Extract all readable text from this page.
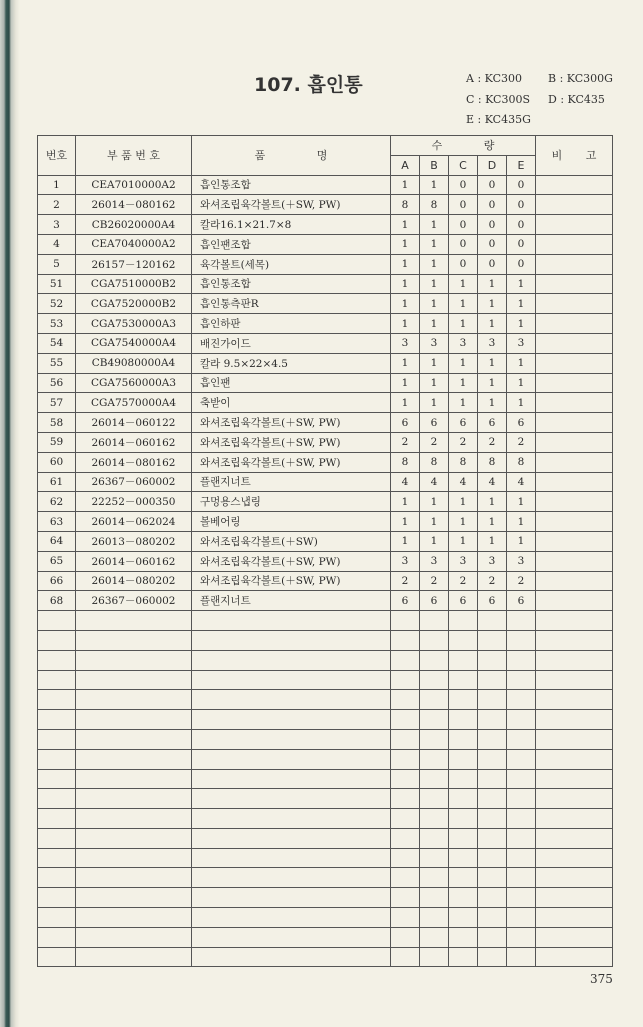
107. 흡인통	A : KC300 B : KC300G
C : KC300S D : KC435
E : KC435G
번호	부 품 번 호	품 명	수 량					비 고
			A	B	C	D	E	
1	CEA7010000A2	흡인통조합	1	1	0	0	0	
2	26014－080162	와셔조립육각볼트(＋SW, PW)	8	8	0	0	0	
3	CB26020000A4	칼라16.1×21.7×8	1	1	0	0	0	
4	CEA7040000A2	흡인팬조합	1	1	0	0	0	
5	26157－120162	육각볼트(세목)	1	1	0	0	0	
51	CGA7510000B2	흡인통조합	1	1	1	1	1	
52	CGA7520000B2	흡인통측판R	1	1	1	1	1	
53	CGA7530000A3	흡인하판	1	1	1	1	1	
54	CGA7540000A4	배진가이드	3	3	3	3	3	
55	CB49080000A4	칼라 9.5×22×4.5	1	1	1	1	1	
56	CGA7560000A3	흡인팬	1	1	1	1	1	
57	CGA7570000A4	축받이	1	1	1	1	1	
58	26014－060122	와셔조립육각볼트(＋SW, PW)	6	6	6	6	6	
59	26014－060162	와셔조립육각볼트(＋SW, PW)	2	2	2	2	2	
60	26014－080162	와셔조립육각볼트(＋SW, PW)	8	8	8	8	8	
61	26367－060002	플랜지너트	4	4	4	4	4	
62	22252－000350	구멍용스냅링	1	1	1	1	1	
63	26014－062024	볼베어링	1	1	1	1	1	
64	26013－080202	와셔조립육각볼트(＋SW)	1	1	1	1	1	
65	26014－060162	와셔조립육각볼트(＋SW, PW)	3	3	3	3	3	
66	26014－080202	와셔조립육각볼트(＋SW, PW)	2	2	2	2	2	
68	26367－060002	플랜지너트	6	6	6	6	6	

375
